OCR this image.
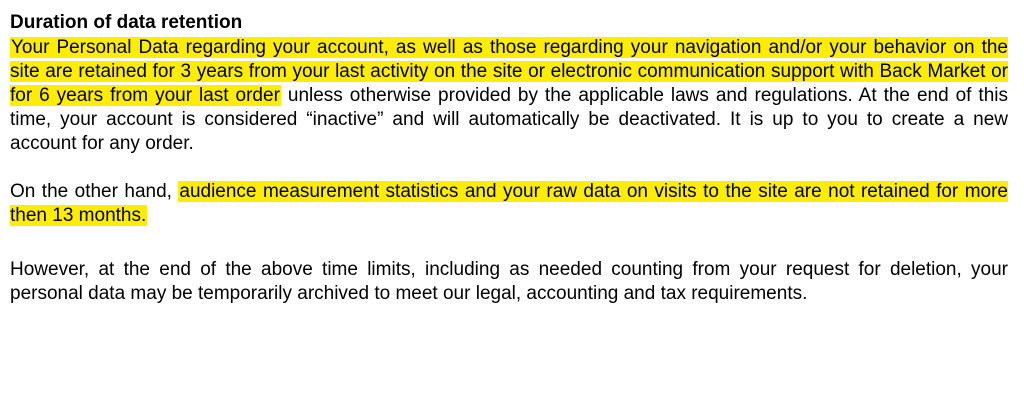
Duration of data retention

Your Personal Data regarding your account, as well as those regarding your navigation and/or your behavior on the site are retained for 3 years from your last activity on the site or electronic communication support with Back Market or for 6 years from your last order unless otherwise provided by the applicable laws and regulations. At the end of this time, your account is considered “inactive” and will automatically be deactivated. It is up to you to create a new account for any order.

On the other hand, audience measurement statistics and your raw data on visits to the site are not retained for more then 13 months.

However, at the end of the above time limits, including as needed counting from your request for deletion, your personal data may be temporarily archived to meet our legal, accounting and tax requirements.
